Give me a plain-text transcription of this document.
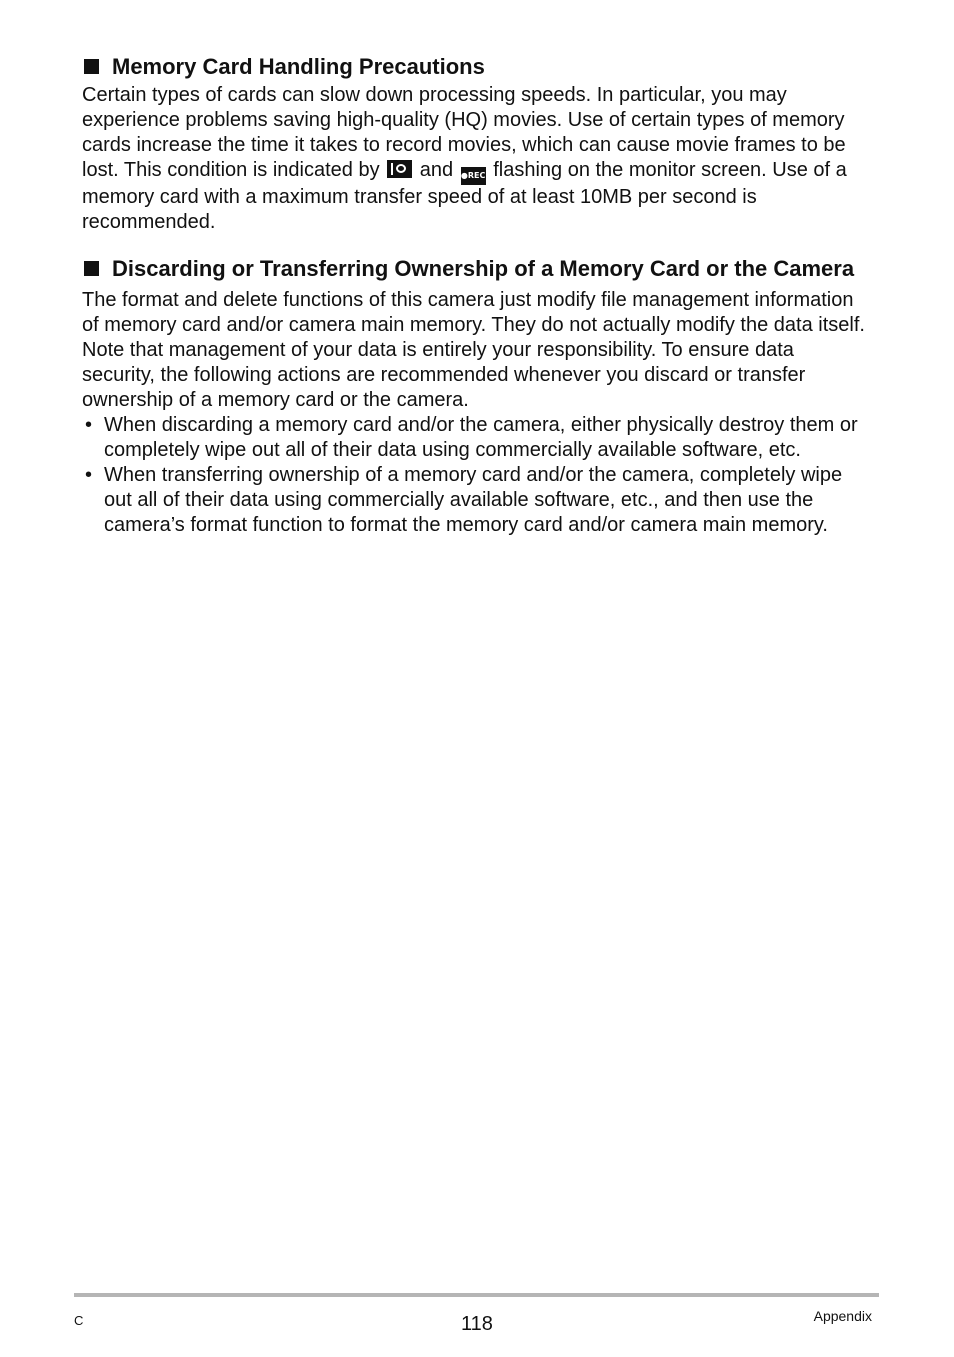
Memory Card Handling Precautions

Certain types of cards can slow down processing speeds. In particular, you may experience problems saving high-quality (HQ) movies. Use of certain types of memory cards increase the time it takes to record movies, which can cause movie frames to be lost. This condition is indicated by and ●REC flashing on the monitor screen. Use of a memory card with a maximum transfer speed of at least 10MB per second is recommended.

Discarding or Transferring Ownership of a Memory Card or the Camera

The format and delete functions of this camera just modify file management information of memory card and/or camera main memory. They do not actually modify the data itself. Note that management of your data is entirely your responsibility. To ensure data security, the following actions are recommended whenever you discard or transfer ownership of a memory card or the camera.

• When discarding a memory card and/or the camera, either physically destroy them or completely wipe out all of their data using commercially available software, etc.
• When transferring ownership of a memory card and/or the camera, completely wipe out all of their data using commercially available software, etc., and then use the camera’s format function to format the memory card and/or camera main memory.
C	118	Appendix
